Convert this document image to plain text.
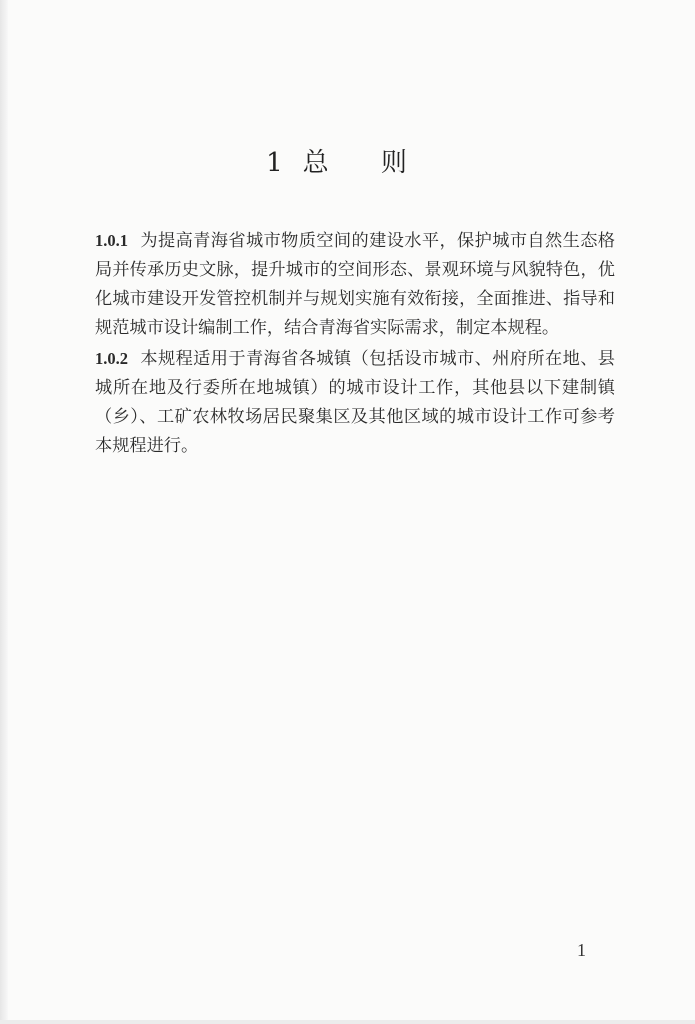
1 总 则

1.0.1 为提高青海省城市物质空间的建设水平，保护城市自然生态格局并传承历史文脉，提升城市的空间形态、景观环境与风貌特色，优化城市建设开发管控机制并与规划实施有效衔接，全面推进、指导和规范城市设计编制工作，结合青海省实际需求，制定本规程。

1.0.2 本规程适用于青海省各城镇（包括设市城市、州府所在地、县城所在地及行委所在地城镇）的城市设计工作，其他县以下建制镇（乡）、工矿农林牧场居民聚集区及其他区域的城市设计工作可参考本规程进行。

1
